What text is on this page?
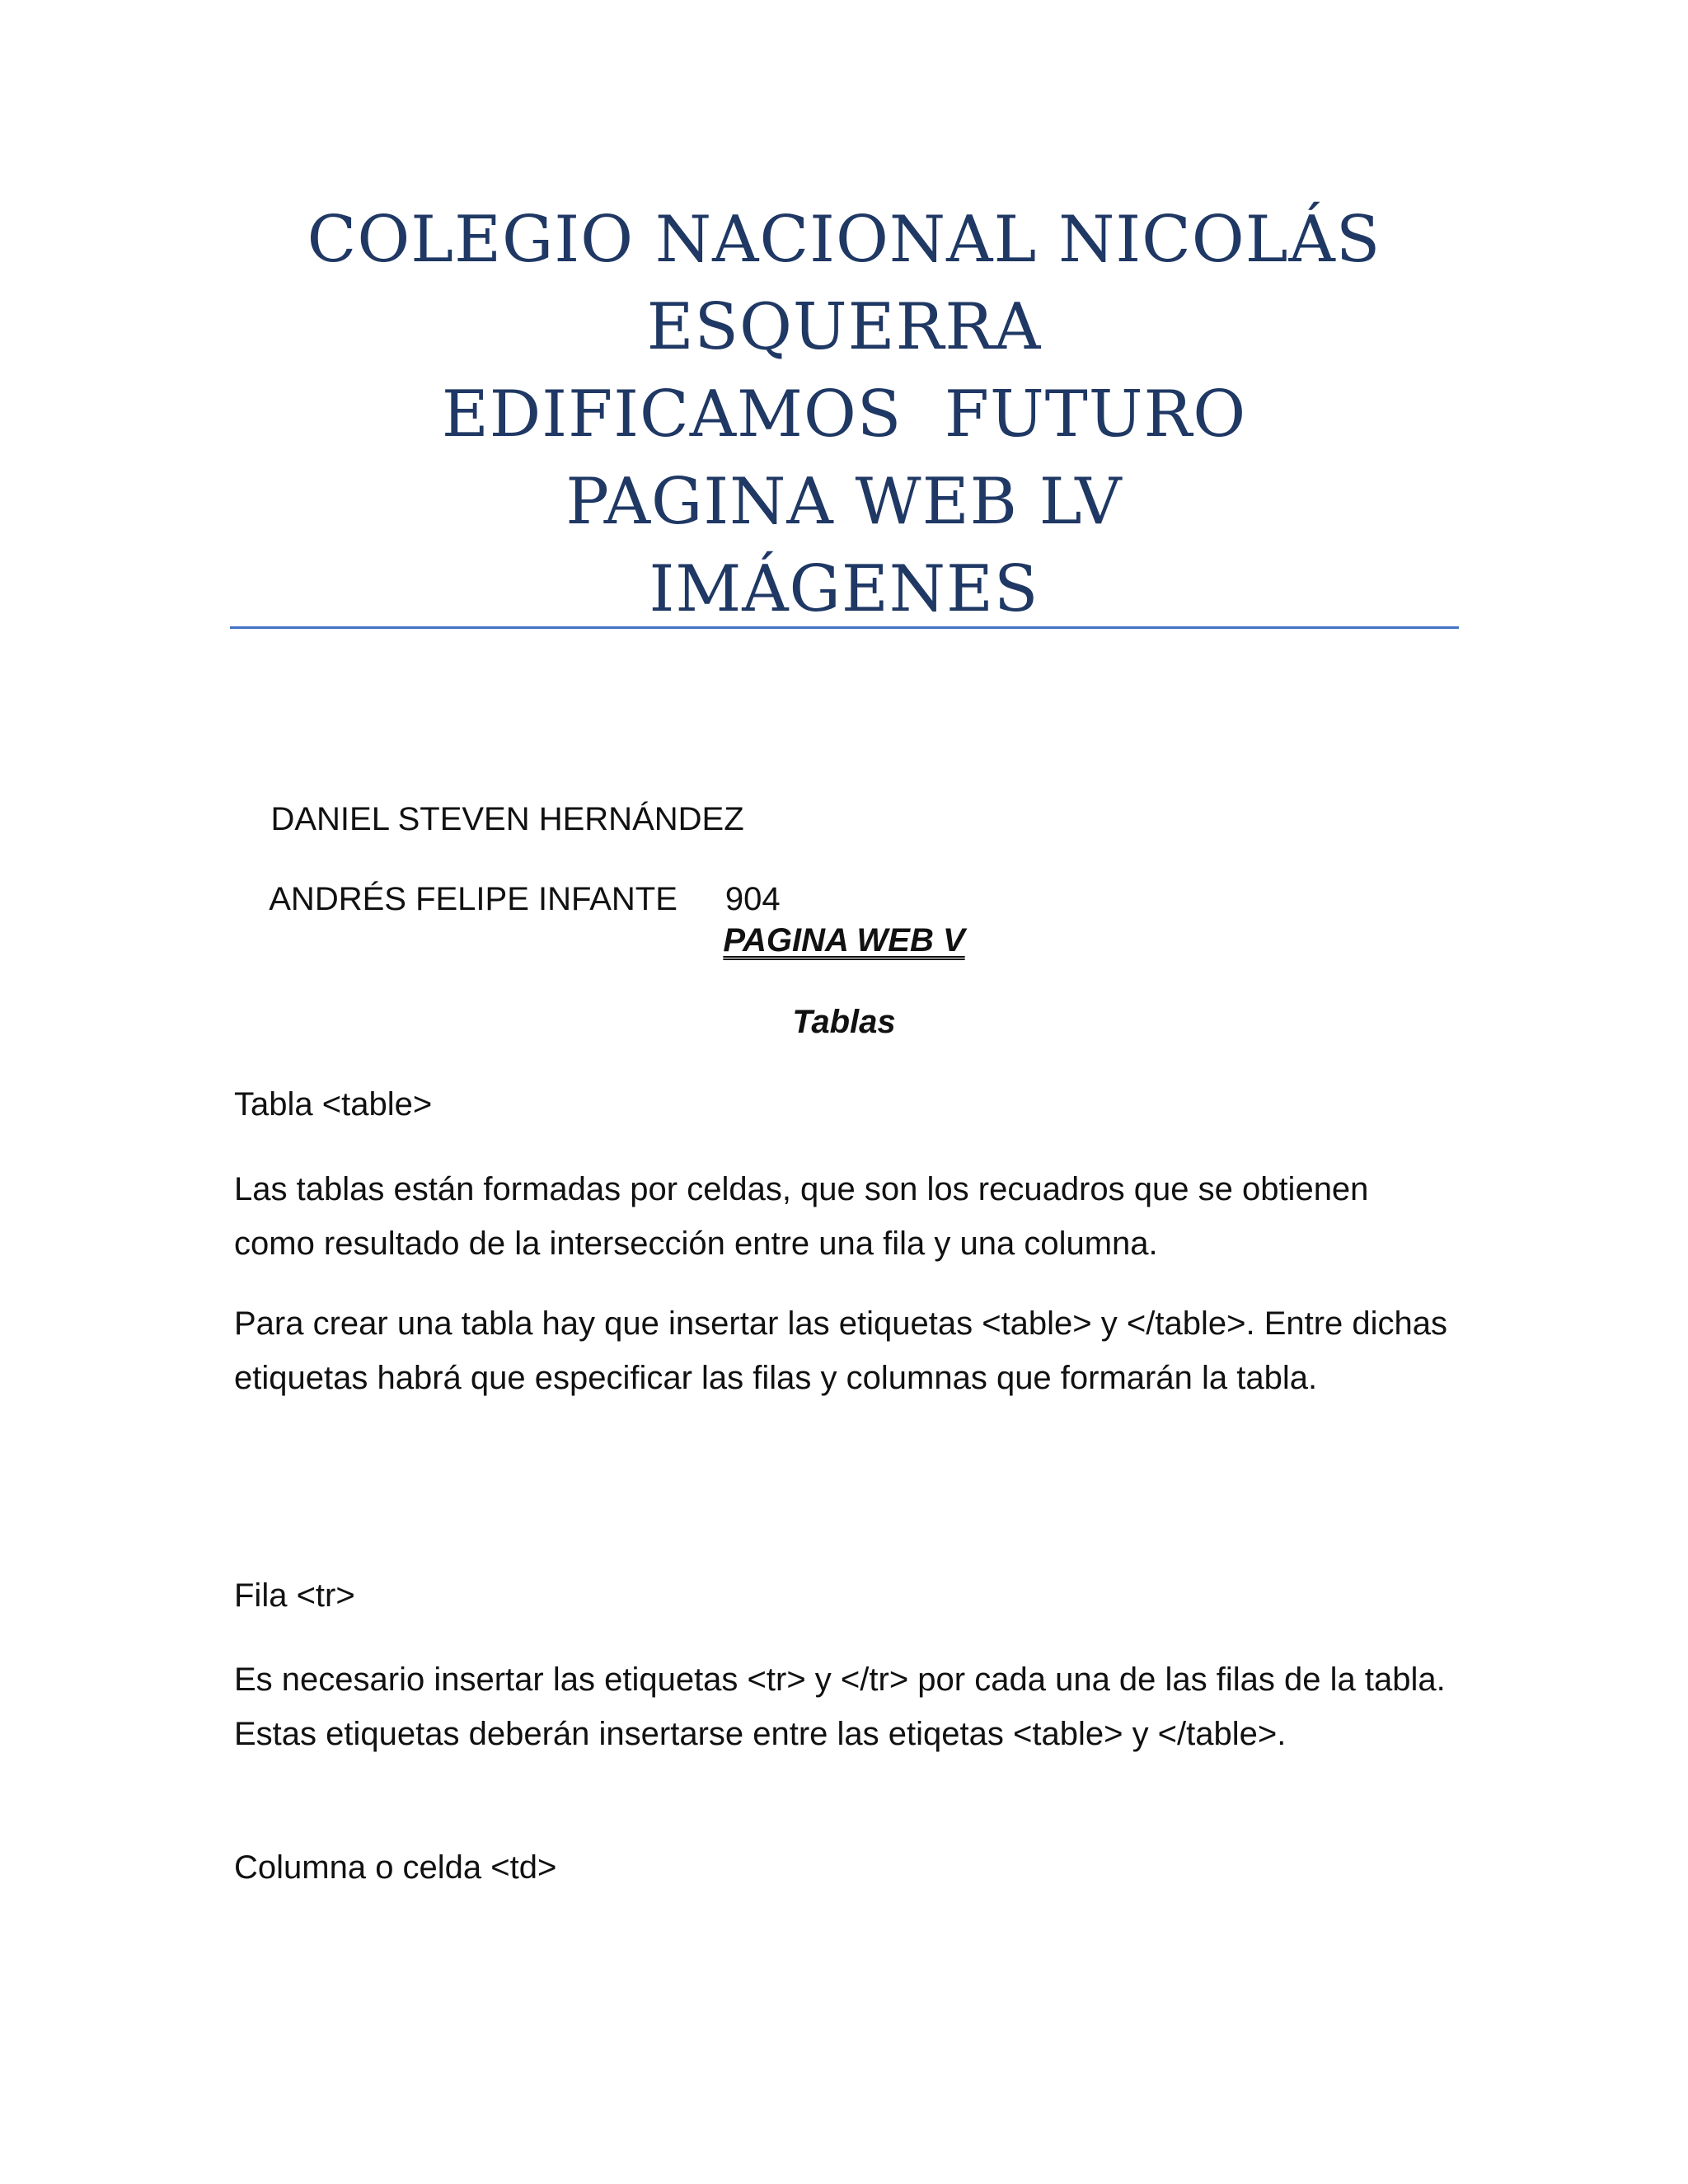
COLEGIO NACIONAL NICOLÁS
ESQUERRA
EDIFICAMOS  FUTURO
PAGINA WEB LV
IMÁGENES

DANIEL STEVEN HERNÁNDEZ

ANDRÉS FELIPE INFANTE 904

PAGINA WEB V
Tablas
Tabla <table>
Las tablas están formadas por celdas, que son los recuadros que se obtienen como resultado de la intersección entre una fila y una columna.
Para crear una tabla hay que insertar las etiquetas <table> y </table>. Entre dichas etiquetas habrá que especificar las filas y columnas que formarán la tabla.
Fila <tr>
Es necesario insertar las etiquetas <tr> y </tr> por cada una de las filas de la tabla. Estas etiquetas deberán insertarse entre las etiqetas <table> y </table>.
Columna o celda <td>
